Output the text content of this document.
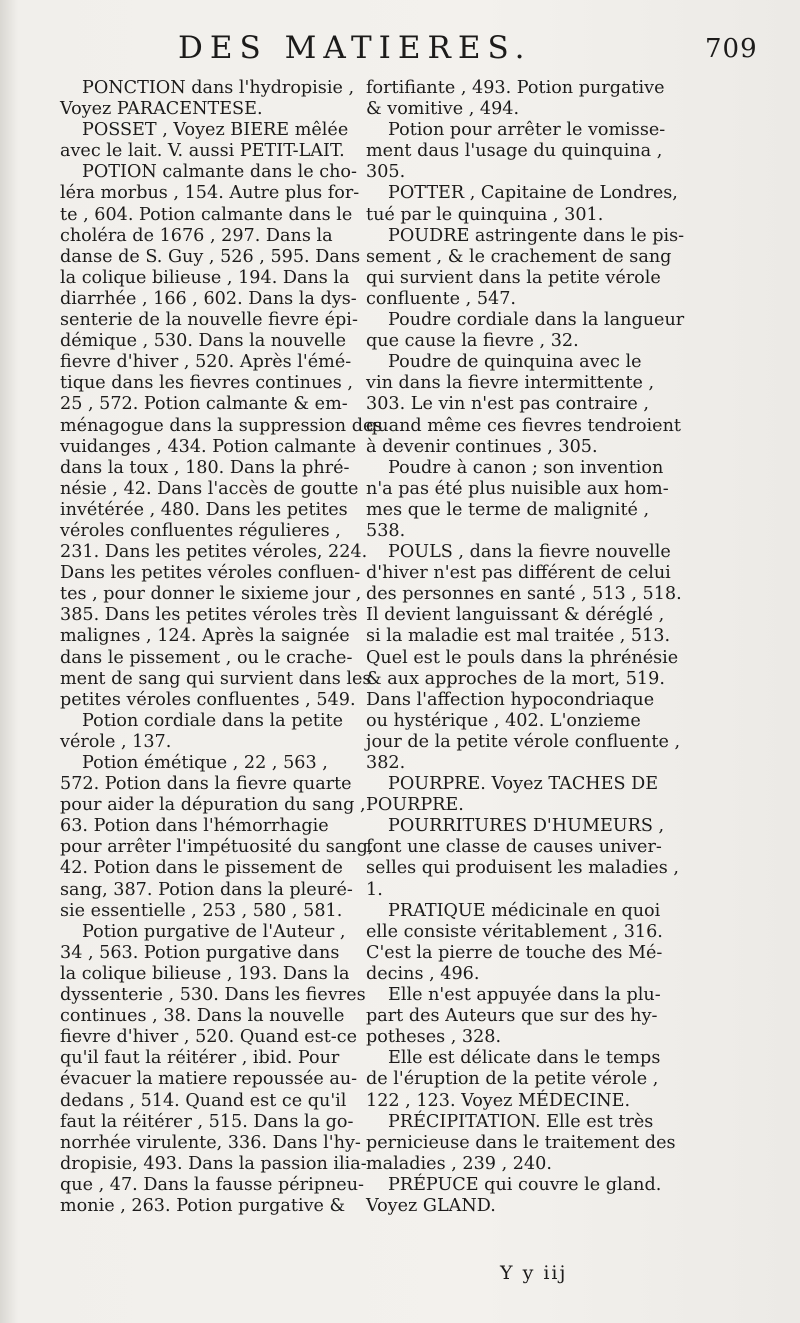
DES MATIERES.	709
PONCTION dans l'hydropisie ,
Voyez PARACENTESE.
POSSET , Voyez BIERE mêlée
avec le lait. V. aussi PETIT-LAIT.
POTION calmante dans le cho-
léra morbus , 154. Autre plus for-
te , 604. Potion calmante dans le
choléra de 1676 , 297. Dans la
danse de S. Guy , 526 , 595. Dans
la colique bilieuse , 194. Dans la
diarrhée , 166 , 602. Dans la dys-
senterie de la nouvelle fievre épi-
démique , 530. Dans la nouvelle
fievre d'hiver , 520. Après l'émé-
tique dans les fievres continues ,
25 , 572. Potion calmante & em-
ménagogue dans la suppression des
vuidanges , 434. Potion calmante
dans la toux , 180. Dans la phré-
nésie , 42. Dans l'accès de goutte
invétérée , 480. Dans les petites
véroles confluentes régulieres ,
231. Dans les petites véroles, 224.
Dans les petites véroles confluen-
tes , pour donner le sixieme jour ,
385. Dans les petites véroles très
malignes , 124. Après la saignée
dans le pissement , ou le crache-
ment de sang qui survient dans les
petites véroles confluentes , 549.
Potion cordiale dans la petite
vérole , 137.
Potion émétique , 22 , 563 ,
572. Potion dans la fievre quarte
pour aider la dépuration du sang ,
63. Potion dans l'hémorrhagie
pour arrêter l'impétuosité du sang,
42. Potion dans le pissement de
sang, 387. Potion dans la pleuré-
sie essentielle , 253 , 580 , 581.
Potion purgative de l'Auteur ,
34 , 563. Potion purgative dans
la colique bilieuse , 193. Dans la
dyssenterie , 530. Dans les fievres
continues , 38. Dans la nouvelle
fievre d'hiver , 520. Quand est-ce
qu'il faut la réitérer , ibid. Pour
évacuer la matiere repoussée au-
dedans , 514. Quand est ce qu'il
faut la réitérer , 515. Dans la go-
norrhée virulente, 336. Dans l'hy-
dropisie, 493. Dans la passion ilia-
que , 47. Dans la fausse péripneu-
monie , 263. Potion purgative &
fortifiante , 493. Potion purgative
& vomitive , 494.
Potion pour arrêter le vomisse-
ment daus l'usage du quinquina ,
305.
POTTER , Capitaine de Londres,
tué par le quinquina , 301.
POUDRE astringente dans le pis-
sement , & le crachement de sang
qui survient dans la petite vérole
confluente , 547.
Poudre cordiale dans la langueur
que cause la fievre , 32.
Poudre de quinquina avec le
vin dans la fievre intermittente ,
303. Le vin n'est pas contraire ,
quand même ces fievres tendroient
à devenir continues , 305.
Poudre à canon ; son invention
n'a pas été plus nuisible aux hom-
mes que le terme de malignité ,
538.
POULS , dans la fievre nouvelle
d'hiver n'est pas différent de celui
des personnes en santé , 513 , 518.
Il devient languissant & déréglé ,
si la maladie est mal traitée , 513.
Quel est le pouls dans la phrénésie
& aux approches de la mort, 519.
Dans l'affection hypocondriaque
ou hystérique , 402. L'onzieme
jour de la petite vérole confluente ,
382.
POURPRE. Voyez TACHES DE
POURPRE.
POURRITURES D'HUMEURS ,
font une classe de causes univer-
selles qui produisent les maladies ,
1.
PRATIQUE médicinale en quoi
elle consiste véritablement , 316.
C'est la pierre de touche des Mé-
decins , 496.
Elle n'est appuyée dans la plu-
part des Auteurs que sur des hy-
potheses , 328.
Elle est délicate dans le temps
de l'éruption de la petite vérole ,
122 , 123. Voyez MÉDECINE.
PRÉCIPITATION. Elle est très
pernicieuse dans le traitement des
maladies , 239 , 240.
PRÉPUCE qui couvre le gland.
Voyez GLAND.
Y y iij
